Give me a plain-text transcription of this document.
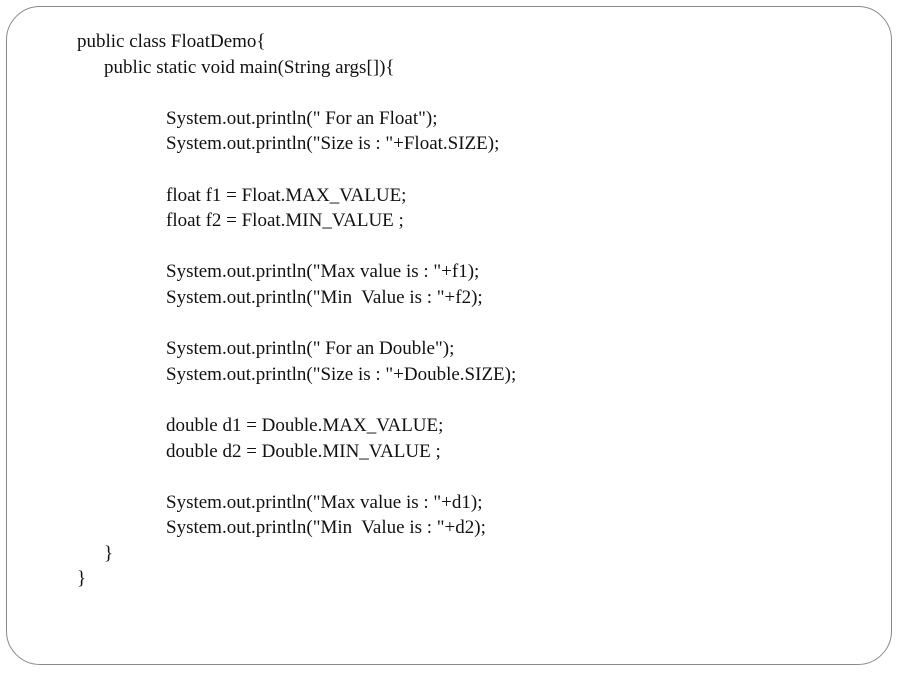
public class FloatDemo{
public static void main(String args[]){
System.out.println(" For an Float");
System.out.println("Size is : "+Float.SIZE);
float f1 = Float.MAX_VALUE;
float f2 = Float.MIN_VALUE ;
System.out.println("Max value is : "+f1);
System.out.println("Min  Value is : "+f2);
System.out.println(" For an Double");
System.out.println("Size is : "+Double.SIZE);
double d1 = Double.MAX_VALUE;
double d2 = Double.MIN_VALUE ;
System.out.println("Max value is : "+d1);
System.out.println("Min  Value is : "+d2);
}
}
